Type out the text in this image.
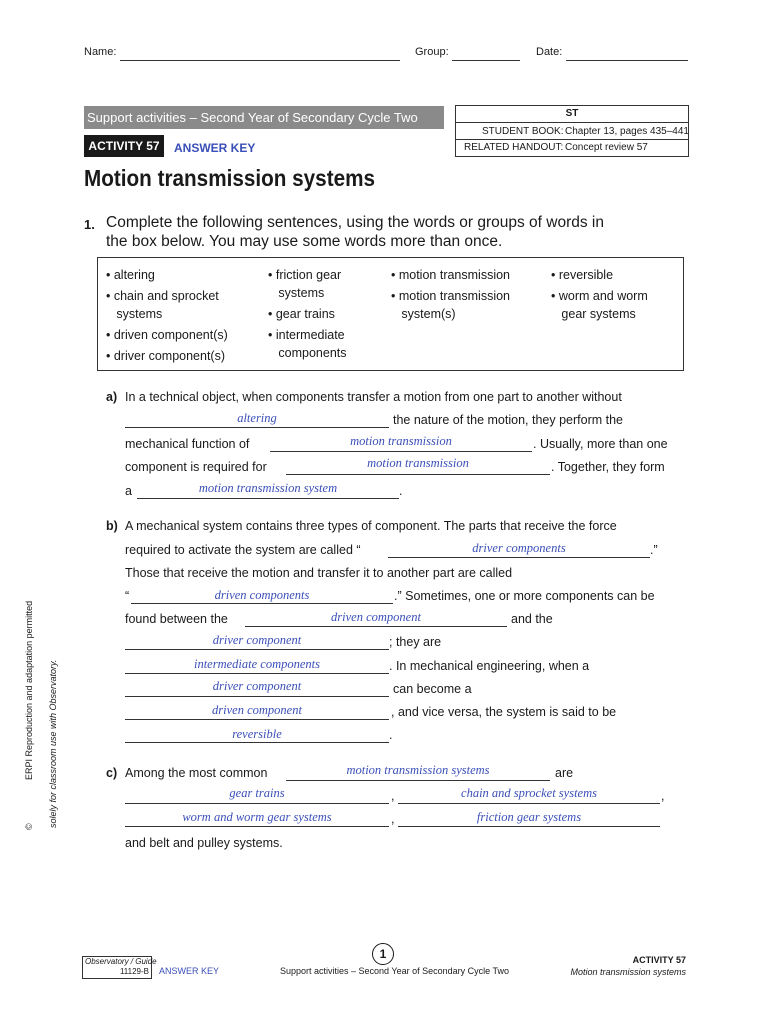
Name:	Group:	Date:
Support activities – Second Year of Secondary Cycle Two
ACTIVITY 57	ANSWER KEY
ST
STUDENT BOOK: Chapter 13, pages 435–441
RELATED HANDOUT: Concept review 57
Motion transmission systems
1. Complete the following sentences, using the words or groups of words in
the box below. You may use some words more than once.
• altering
• chain and sprocket
systems
• driven component(s)
• driver component(s)
• friction gear
systems
• gear trains
• intermediate
components
• motion transmission
• motion transmission
system(s)
• reversible
• worm and worm
gear systems
a) In a technical object, when components transfer a motion from one part to another without
altering	the nature of the motion, they perform the
mechanical function of	motion transmission	. Usually, more than one
component is required for	motion transmission	. Together, they form
a	motion transmission system	.
b) A mechanical system contains three types of component. The parts that receive the force
required to activate the system are called “	driver components	.”
Those that receive the motion and transfer it to another part are called
“	driven components	.” Sometimes, one or more components can be
found between the	driven component	and the
driver component	; they are
intermediate components	. In mechanical engineering, when a
driver component	can become a
driven component	, and vice versa, the system is said to be
reversible	.
c) Among the most common	motion transmission systems	are
gear trains	,	chain and sprocket systems	,
worm and worm gear systems	,	friction gear systems
and belt and pulley systems.
©
ERPI Reproduction and adaptation permitted solely for classroom use with Observatory.
Observatory / Guide
11129-B ANSWER KEY	Support activities – Second Year of Secondary Cycle Two
1	ACTIVITY 57
Motion transmission systems
